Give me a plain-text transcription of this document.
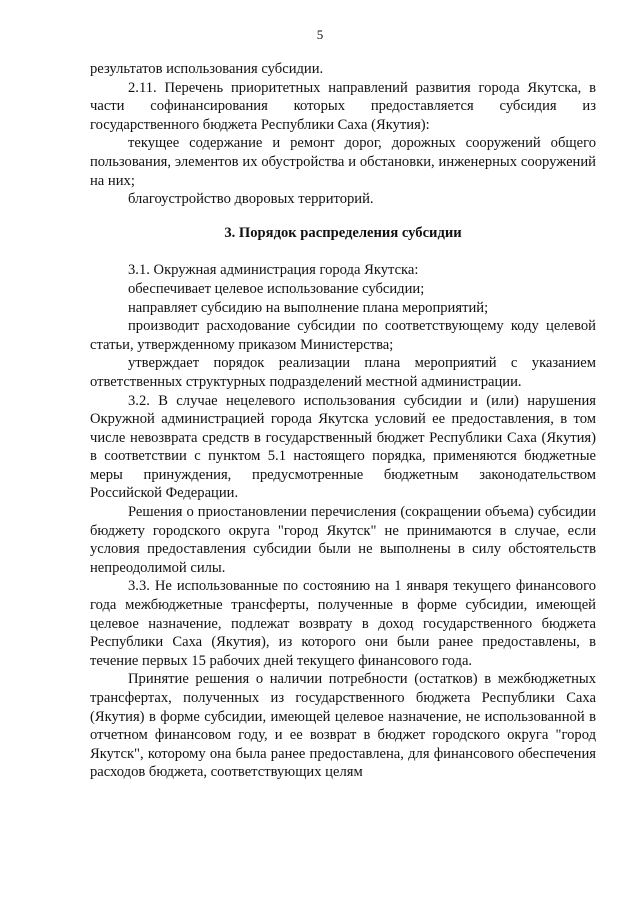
5

результатов использования субсидии.

2.11. Перечень приоритетных направлений развития города Якутска, в части софинансирования которых предоставляется субсидия из государственного бюджета Республики Саха (Якутия):

текущее содержание и ремонт дорог, дорожных сооружений общего пользования, элементов их обустройства и обстановки, инженерных сооружений на них;

благоустройство дворовых территорий.

3. Порядок распределения субсидии

3.1. Окружная администрация города Якутска:

обеспечивает целевое использование субсидии;

направляет субсидию на выполнение плана мероприятий;

производит расходование субсидии по соответствующему коду целевой статьи, утвержденному приказом Министерства;

утверждает порядок реализации плана мероприятий с указанием ответственных структурных подразделений местной администрации.

3.2. В случае нецелевого использования субсидии и (или) нарушения Окружной администрацией города Якутска условий ее предоставления, в том числе невозврата средств в государственный бюджет Республики Саха (Якутия) в соответствии с пунктом 5.1 настоящего порядка, применяются бюджетные меры принуждения, предусмотренные бюджетным законодательством Российской Федерации.

Решения о приостановлении перечисления (сокращении объема) субсидии бюджету городского округа "город Якутск" не принимаются в случае, если условия предоставления субсидии были не выполнены в силу обстоятельств непреодолимой силы.

3.3. Не использованные по состоянию на 1 января текущего финансового года межбюджетные трансферты, полученные в форме субсидии, имеющей целевое назначение, подлежат возврату в доход государственного бюджета Республики Саха (Якутия), из которого они были ранее предоставлены, в течение первых 15 рабочих дней текущего финансового года.

Принятие решения о наличии потребности (остатков) в межбюджетных трансфертах, полученных из государственного бюджета Республики Саха (Якутия) в форме субсидии, имеющей целевое назначение, не использованной в отчетном финансовом году, и ее возврат в бюджет городского округа "город Якутск", которому она была ранее предоставлена, для финансового обеспечения расходов бюджета, соответствующих целям
